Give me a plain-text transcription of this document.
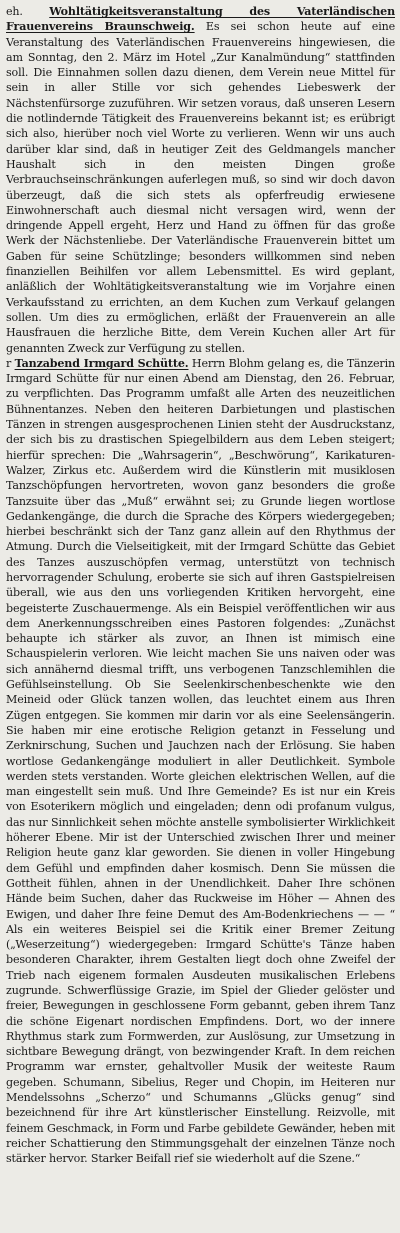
eh. Wohltätigkeitsveranstaltung des Vaterländischen Frauenvereins Braunschweig. Es sei schon heute auf eine Veranstaltung des Vaterländischen Frauenvereins hingewiesen, die am Sonntag, den 2. März im Hotel „Zur Kanalmündung“ stattfinden soll. Die Einnahmen sollen dazu dienen, dem Verein neue Mittel für sein in aller Stille vor sich gehendes Liebeswerk der Nächstenfürsorge zuzuführen. Wir setzen voraus, daß unseren Lesern die notlindernde Tätigkeit des Frauenvereins bekannt ist; es erübrigt sich also, hierüber noch viel Worte zu verlieren. Wenn wir uns auch darüber klar sind, daß in heutiger Zeit des Geldmangels mancher Haushalt sich in den meisten Dingen große Verbrauchseinschränkungen auferlegen muß, so sind wir doch davon überzeugt, daß die sich stets als opferfreudig erwiesene Einwohnerschaft auch diesmal nicht versagen wird, wenn der dringende Appell ergeht, Herz und Hand zu öffnen für das große Werk der Nächstenliebe. Der Vaterländische Frauenverein bittet um Gaben für seine Schützlinge; besonders willkommen sind neben finanziellen Beihilfen vor allem Lebensmittel. Es wird geplant, anläßlich der Wohltätigkeitsveranstaltung wie im Vorjahre einen Verkaufsstand zu errichten, an dem Kuchen zum Verkauf gelangen sollen. Um dies zu ermöglichen, erläßt der Frauenverein an alle Hausfrauen die herzliche Bitte, dem Verein Kuchen aller Art für genannten Zweck zur Verfügung zu stellen.

r Tanzabend Irmgard Schütte. Herrn Blohm gelang es, die Tänzerin Irmgard Schütte für nur einen Abend am Dienstag, den 26. Februar, zu verpflichten. Das Programm umfaßt alle Arten des neuzeitlichen Bühnentanzes. Neben den heiteren Darbietungen und plastischen Tänzen in strengen ausgesprochenen Linien steht der Ausdruckstanz, der sich bis zu drastischen Spiegelbildern aus dem Leben steigert; hierfür sprechen: Die „Wahrsagerin“, „Beschwörung“, Karikaturen-Walzer, Zirkus etc. Außerdem wird die Künstlerin mit musiklosen Tanzschöpfungen hervortreten, wovon ganz besonders die große Tanzsuite über das „Muß“ erwähnt sei; zu Grunde liegen wortlose Gedankengänge, die durch die Sprache des Körpers wiedergegeben; hierbei beschränkt sich der Tanz ganz allein auf den Rhythmus der Atmung. Durch die Vielseitigkeit, mit der Irmgard Schütte das Gebiet des Tanzes auszuschöpfen vermag, unterstützt von technisch hervorragender Schulung, eroberte sie sich auf ihren Gastspielreisen überall, wie aus den uns vorliegenden Kritiken hervorgeht, eine begeisterte Zuschauermenge. Als ein Beispiel veröffentlichen wir aus dem Anerkennungsschreiben eines Pastoren folgendes: „Zunächst behaupte ich stärker als zuvor, an Ihnen ist mimisch eine Schauspielerin verloren. Wie leicht machen Sie uns naiven oder was sich annähernd diesmal trifft, uns verbogenen Tanzschlemihlen die Gefühlseinstellung. Ob Sie Seelenkirschenbeschenkte wie den Meineid oder Glück tanzen wollen, das leuchtet einem aus Ihren Zügen entgegen. Sie kommen mir darin vor als eine Seelensängerin. Sie haben mir eine erotische Religion getanzt in Fesselung und Zerknirschung, Suchen und Jauchzen nach der Erlösung. Sie haben wortlose Gedankengänge moduliert in aller Deutlichkeit. Symbole werden stets verstanden. Worte gleichen elektrischen Wellen, auf die man eingestellt sein muß. Und Ihre Gemeinde? Es ist nur ein Kreis von Esoterikern möglich und eingeladen; denn odi profanum vulgus, das nur Sinnlichkeit sehen möchte anstelle symbolisierter Wirklichkeit höherer Ebene. Mir ist der Unterschied zwischen Ihrer und meiner Religion heute ganz klar geworden. Sie dienen in voller Hingebung dem Gefühl und empfinden daher kosmisch. Denn Sie müssen die Gottheit fühlen, ahnen in der Unendlichkeit. Daher Ihre schönen Hände beim Suchen, daher das Ruckweise im Höher — Ahnen des Ewigen, und daher Ihre feine Demut des Am-Bodenkriechens — — “ Als ein weiteres Beispiel sei die Kritik einer Bremer Zeitung („Weserzeitung“) wiedergegeben: Irmgard Schütte's Tänze haben besonderen Charakter, ihrem Gestalten liegt doch ohne Zweifel der Trieb nach eigenem formalen Ausdeuten musikalischen Erlebens zugrunde. Schwerflüssige Grazie, im Spiel der Glieder gelöster und freier, Bewegungen in geschlossene Form gebannt, geben ihrem Tanz die schöne Eigenart nordischen Empfindens. Dort, wo der innere Rhythmus stark zum Formwerden, zur Auslösung, zur Umsetzung in sichtbare Bewegung drängt, von bezwingender Kraft. In dem reichen Programm war ernster, gehaltvoller Musik der weiteste Raum gegeben. Schumann, Sibelius, Reger und Chopin, im Heiteren nur Mendelssohns „Scherzo“ und Schumanns „Glücks genug“ sind bezeichnend für ihre Art künstlerischer Einstellung. Reizvolle, mit feinem Geschmack, in Form und Farbe gebildete Gewänder, heben mit reicher Schattierung den Stimmungsgehalt der einzelnen Tänze noch stärker hervor. Starker Beifall rief sie wiederholt auf die Szene.“
